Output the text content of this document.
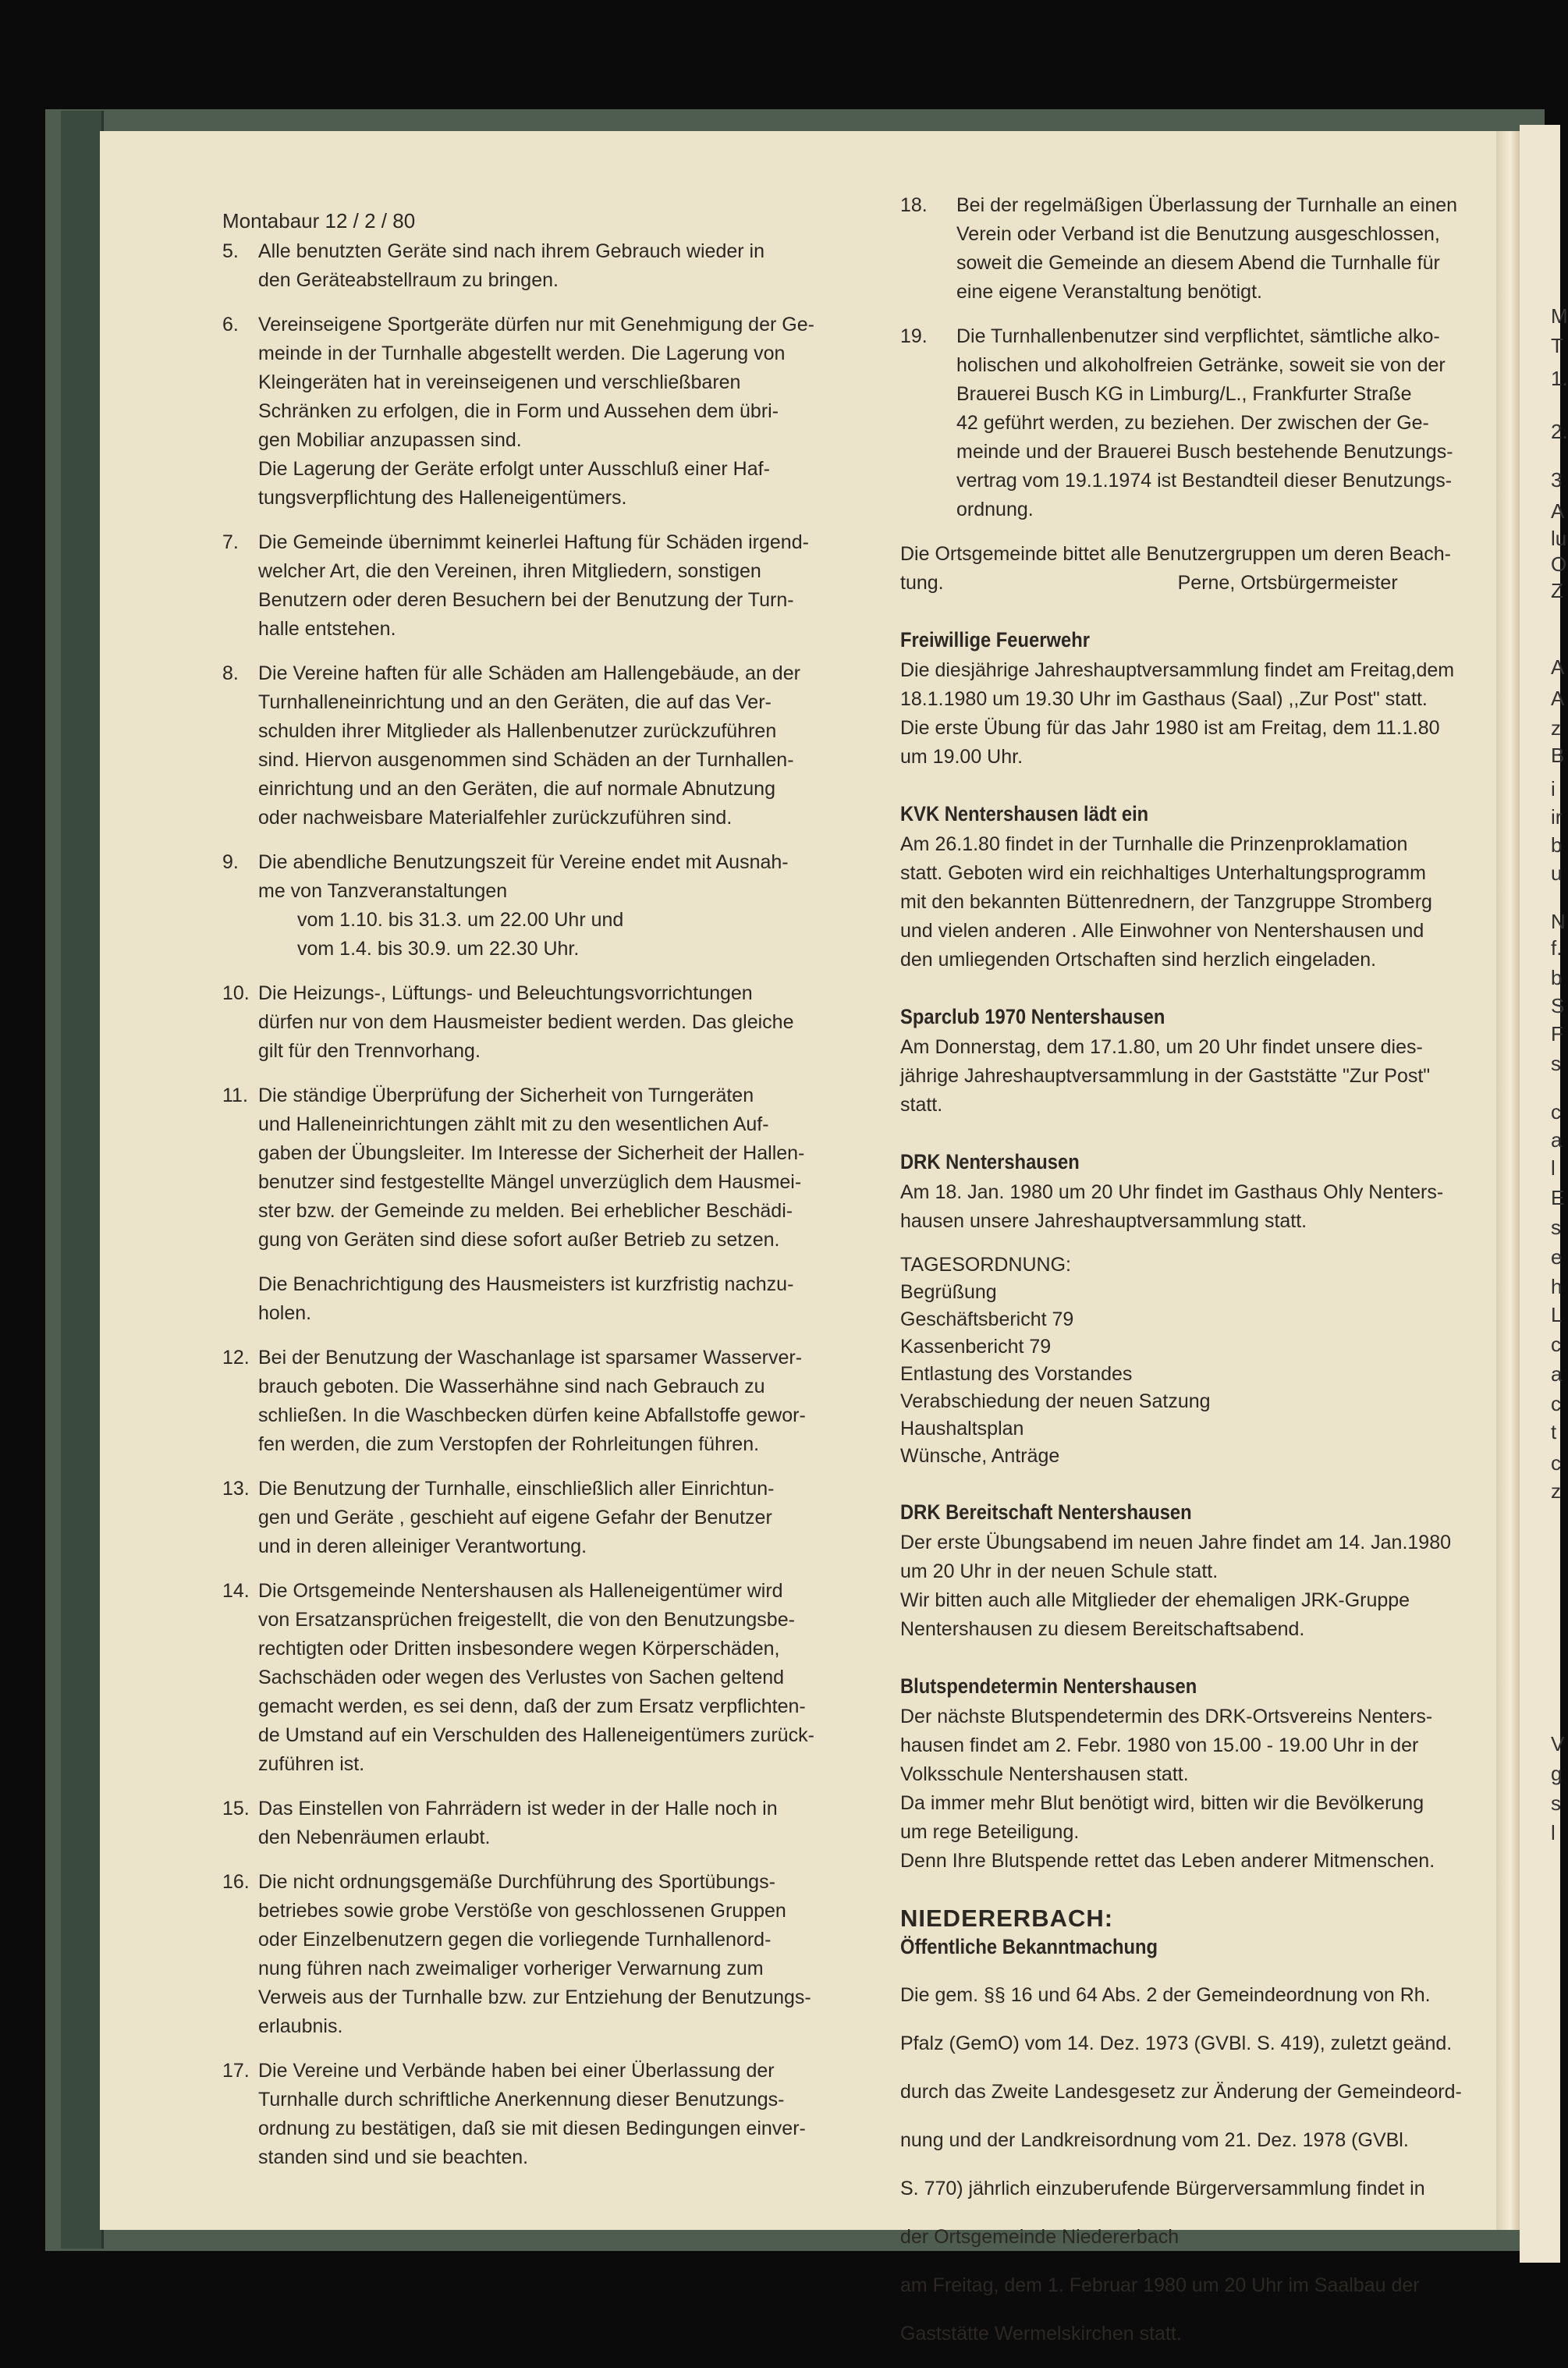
M
T
1.
2.
3
A
lu
O
Z
A
A
z
B
i
ir
b
u
N
f.
b
S
F
s
c
a
l
E
s
e
h
L
c
a
c
t
c
z
V
g
s
l
Montabaur 12 / 2 / 80
5.	Alle benutzten Geräte sind nach ihrem Gebrauch wieder in

den Geräteabstellraum zu bringen.

6.	Vereinseigene Sportgeräte dürfen nur mit Genehmigung der Ge-

meinde in der Turnhalle abgestellt werden. Die Lagerung von

Kleingeräten hat in vereinseigenen und verschließbaren

Schränken zu erfolgen, die in Form und Aussehen dem übri-

gen Mobiliar anzupassen sind.

Die Lagerung der Geräte erfolgt unter Ausschluß einer Haf-

tungsverpflichtung des Halleneigentümers.

7.	Die Gemeinde übernimmt keinerlei Haftung für Schäden irgend-

welcher Art, die den Vereinen, ihren Mitgliedern, sonstigen

Benutzern oder deren Besuchern bei der Benutzung der Turn-

halle entstehen.

8.	Die Vereine haften für alle Schäden am Hallengebäude, an der

Turnhalleneinrichtung und an den Geräten, die auf das Ver-

schulden ihrer Mitglieder als Hallenbenutzer zurückzuführen

sind. Hiervon ausgenommen sind Schäden an der Turnhallen-

einrichtung und an den Geräten, die auf normale Abnutzung

oder nachweisbare Materialfehler zurückzuführen sind.

9.	Die abendliche Benutzungszeit für Vereine endet mit Ausnah-

me von Tanzveranstaltungen

vom 1.10. bis 31.3. um 22.00 Uhr und

vom 1.4. bis 30.9. um 22.30 Uhr.

10. Die Heizungs-, Lüftungs- und Beleuchtungsvorrichtungen

dürfen nur von dem Hausmeister bedient werden. Das gleiche

gilt für den Trennvorhang.

11. Die ständige Überprüfung der Sicherheit von Turngeräten

und Halleneinrichtungen zählt mit zu den wesentlichen Auf-

gaben der Übungsleiter. Im Interesse der Sicherheit der Hallen-

benutzer sind festgestellte Mängel unverzüglich dem Hausmei-

ster bzw. der Gemeinde zu melden. Bei erheblicher Beschädi-

gung von Geräten sind diese sofort außer Betrieb zu setzen.

Die Benachrichtigung des Hausmeisters ist kurzfristig nachzu-

holen.

12. Bei der Benutzung der Waschanlage ist sparsamer Wasserver-

brauch geboten. Die Wasserhähne sind nach Gebrauch zu

schließen. In die Waschbecken dürfen keine Abfallstoffe gewor-

fen werden, die zum Verstopfen der Rohrleitungen führen.

13. Die Benutzung der Turnhalle, einschließlich aller Einrichtun-

gen und Geräte , geschieht auf eigene Gefahr der Benutzer

und in deren alleiniger Verantwortung.

14. Die Ortsgemeinde Nentershausen als Halleneigentümer wird

von Ersatzansprüchen freigestellt, die von den Benutzungsbe-

rechtigten oder Dritten insbesondere wegen Körperschäden,

Sachschäden oder wegen des Verlustes von Sachen geltend

gemacht werden, es sei denn, daß der zum Ersatz verpflichten-

de Umstand auf ein Verschulden des Halleneigentümers zurück-

zuführen ist.

15. Das Einstellen von Fahrrädern ist weder in der Halle noch in

den Nebenräumen erlaubt.

16. Die nicht ordnungsgemäße Durchführung des Sportübungs-

betriebes sowie grobe Verstöße von geschlossenen Gruppen

oder Einzelbenutzern gegen die vorliegende Turnhallenord-

nung führen nach zweimaliger vorheriger Verwarnung zum

Verweis aus der Turnhalle bzw. zur Entziehung der Benutzungs-

erlaubnis.

17. Die Vereine und Verbände haben bei einer Überlassung der

Turnhalle durch schriftliche Anerkennung dieser Benutzungs-

ordnung zu bestätigen, daß sie mit diesen Bedingungen einver-

standen sind und sie beachten.

18.	Bei der regelmäßigen Überlassung der Turnhalle an einen

Verein oder Verband ist die Benutzung ausgeschlossen,

soweit die Gemeinde an diesem Abend die Turnhalle für

eine eigene Veranstaltung benötigt.

19.	Die Turnhallenbenutzer sind verpflichtet, sämtliche alko-

holischen und alkoholfreien Getränke, soweit sie von der

Brauerei Busch KG in Limburg/L., Frankfurter Straße

42 geführt werden, zu beziehen. Der zwischen der Ge-

meinde und der Brauerei Busch bestehende Benutzungs-

vertrag vom 19.1.1974 ist Bestandteil dieser Benutzungs-

ordnung.

Die Ortsgemeinde bittet alle Benutzergruppen um deren Beach-

tung.	Perne, Ortsbürgermeister

Freiwillige Feuerwehr

Die diesjährige Jahreshauptversammlung findet am Freitag,dem

18.1.1980 um 19.30 Uhr im Gasthaus (Saal) ,,Zur Post" statt.

Die erste Übung für das Jahr 1980 ist am Freitag, dem 11.1.80

um 19.00 Uhr.

KVK Nentershausen lädt ein

Am 26.1.80 findet in der Turnhalle die Prinzenproklamation

statt. Geboten wird ein reichhaltiges Unterhaltungsprogramm

mit den bekannten Büttenrednern, der Tanzgruppe Stromberg

und vielen anderen . Alle Einwohner von Nentershausen und

den umliegenden Ortschaften sind herzlich eingeladen.

Sparclub 1970 Nentershausen

Am Donnerstag, dem 17.1.80, um 20 Uhr findet unsere dies-

jährige Jahreshauptversammlung in der Gaststätte "Zur Post"

statt.

DRK Nentershausen

Am 18. Jan. 1980 um 20 Uhr findet im Gasthaus Ohly Nenters-

hausen unsere Jahreshauptversammlung statt.

TAGESORDNUNG:

Begrüßung

Geschäftsbericht 79

Kassenbericht 79

Entlastung des Vorstandes

Verabschiedung der neuen Satzung

Haushaltsplan

Wünsche, Anträge

DRK Bereitschaft Nentershausen

Der erste Übungsabend im neuen Jahre findet am 14. Jan.1980

um 20 Uhr in der neuen Schule statt.

Wir bitten auch alle Mitglieder der ehemaligen JRK-Gruppe

Nentershausen zu diesem Bereitschaftsabend.

Blutspendetermin Nentershausen

Der nächste Blutspendetermin des DRK-Ortsvereins Nenters-

hausen findet am 2. Febr. 1980 von 15.00 - 19.00 Uhr in der

Volksschule Nentershausen statt.

Da immer mehr Blut benötigt wird, bitten wir die Bevölkerung

um rege Beteiligung.

Denn Ihre Blutspende rettet das Leben anderer Mitmenschen.

NIEDERERBACH:
Öffentliche Bekanntmachung

Die gem. §§ 16 und 64 Abs. 2 der Gemeindeordnung von Rh.

Pfalz (GemO) vom 14. Dez. 1973 (GVBl. S. 419), zuletzt geänd.

durch das Zweite Landesgesetz zur Änderung der Gemeindeord-

nung und der Landkreisordnung vom 21. Dez. 1978 (GVBl.

S. 770) jährlich einzuberufende Bürgerversammlung findet in

der Ortsgemeinde Niedererbach

am Freitag, dem 1. Februar 1980 um 20 Uhr im Saalbau der

Gaststätte Wermelskirchen statt.
